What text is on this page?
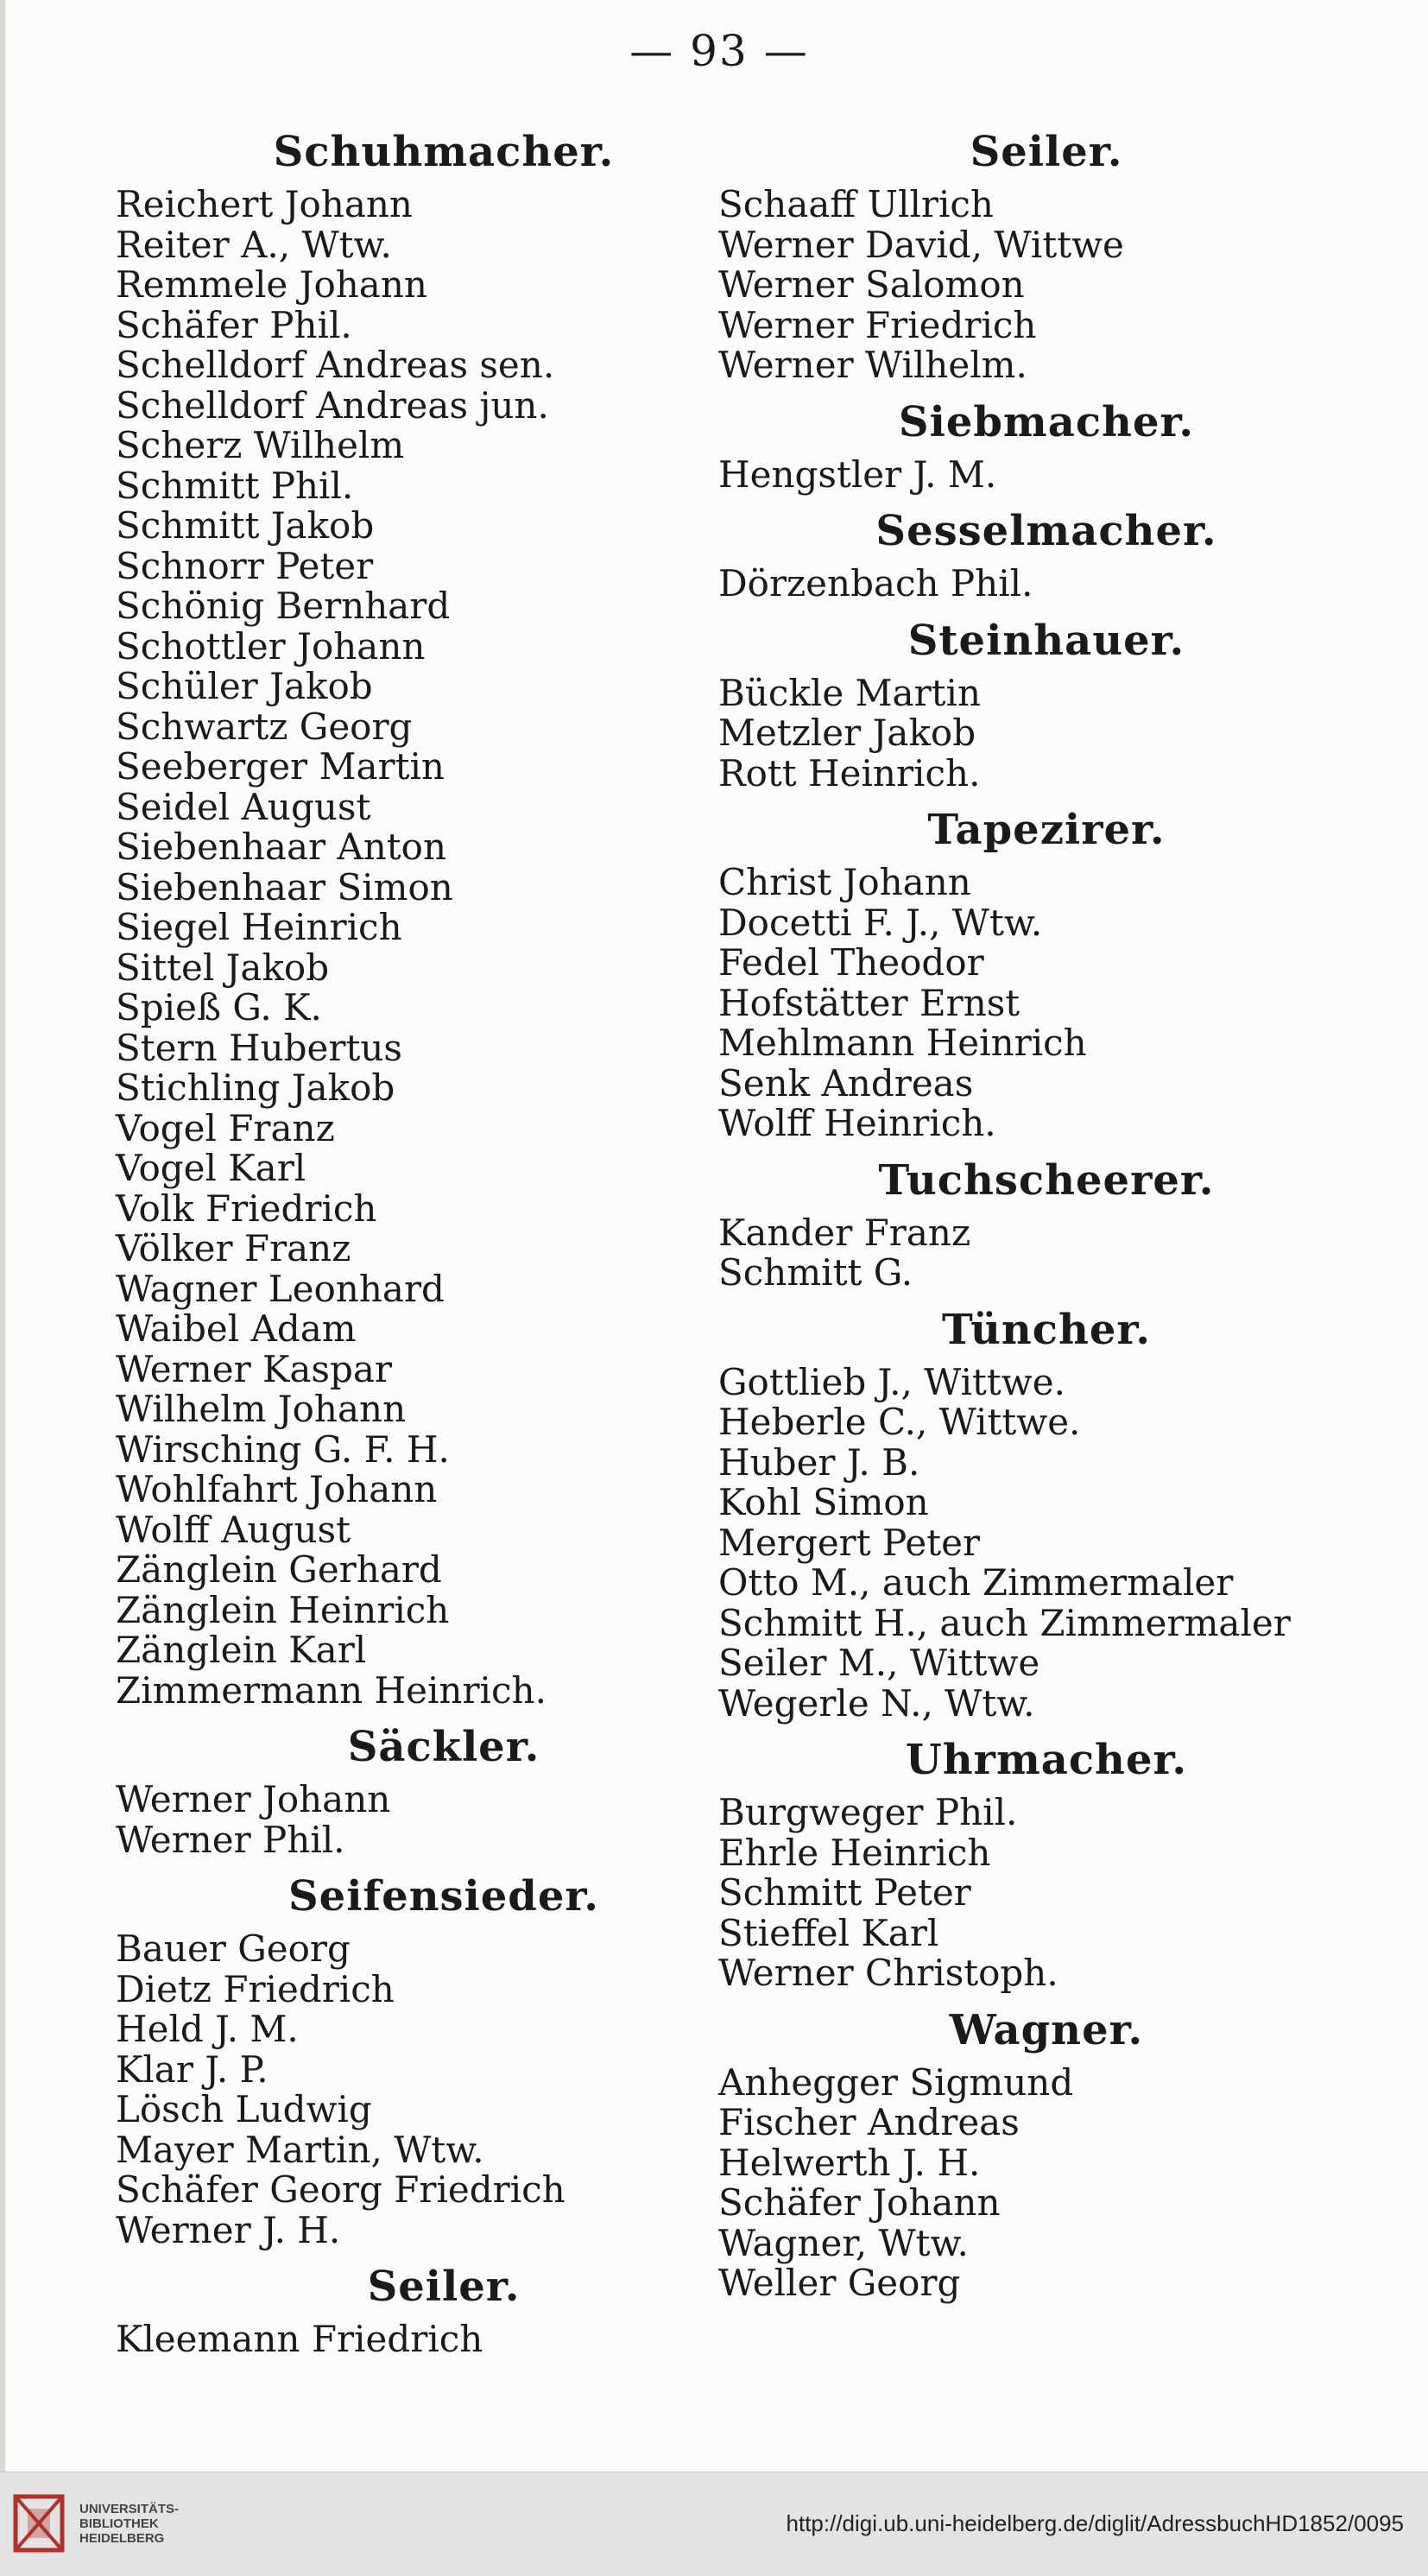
— 93 —
Schuhmacher.
Reichert Johann
Reiter A., Wtw.
Remmele Johann
Schäfer Phil.
Schelldorf Andreas sen.
Schelldorf Andreas jun.
Scherz Wilhelm
Schmitt Phil.
Schmitt Jakob
Schnorr Peter
Schönig Bernhard
Schottler Johann
Schüler Jakob
Schwartz Georg
Seeberger Martin
Seidel August
Siebenhaar Anton
Siebenhaar Simon
Siegel Heinrich
Sittel Jakob
Spieß G. K.
Stern Hubertus
Stichling Jakob
Vogel Franz
Vogel Karl
Volk Friedrich
Völker Franz
Wagner Leonhard
Waibel Adam
Werner Kaspar
Wilhelm Johann
Wirsching G. F. H.
Wohlfahrt Johann
Wolff August
Zänglein Gerhard
Zänglein Heinrich
Zänglein Karl
Zimmermann Heinrich.
Säckler.
Werner Johann
Werner Phil.
Seifensieder.
Bauer Georg
Dietz Friedrich
Held J. M.
Klar J. P.
Lösch Ludwig
Mayer Martin, Wtw.
Schäfer Georg Friedrich
Werner J. H.
Seiler.
Kleemann Friedrich
Seiler.
Schaaff Ullrich
Werner David, Wittwe
Werner Salomon
Werner Friedrich
Werner Wilhelm.
Siebmacher.
Hengstler J. M.
Sesselmacher.
Dörzenbach Phil.
Steinhauer.
Bückle Martin
Metzler Jakob
Rott Heinrich.
Tapezirer.
Christ Johann
Docetti F. J., Wtw.
Fedel Theodor
Hofstätter Ernst
Mehlmann Heinrich
Senk Andreas
Wolff Heinrich.
Tuchscheerer.
Kander Franz
Schmitt G.
Tüncher.
Gottlieb J., Wittwe.
Heberle C., Wittwe.
Huber J. B.
Kohl Simon
Mergert Peter
Otto M., auch Zimmermaler
Schmitt H., auch Zimmermaler
Seiler M., Wittwe
Wegerle N., Wtw.
Uhrmacher.
Burgweger Phil.
Ehrle Heinrich
Schmitt Peter
Stieffel Karl
Werner Christoph.
Wagner.
Anhegger Sigmund
Fischer Andreas
Helwerth J. H.
Schäfer Johann
Wagner, Wtw.
Weller Georg
UNIVERSITÄTS-
BIBLIOTHEK
HEIDELBERG
http://digi.ub.uni-heidelberg.de/diglit/AdressbuchHD1852/0095
